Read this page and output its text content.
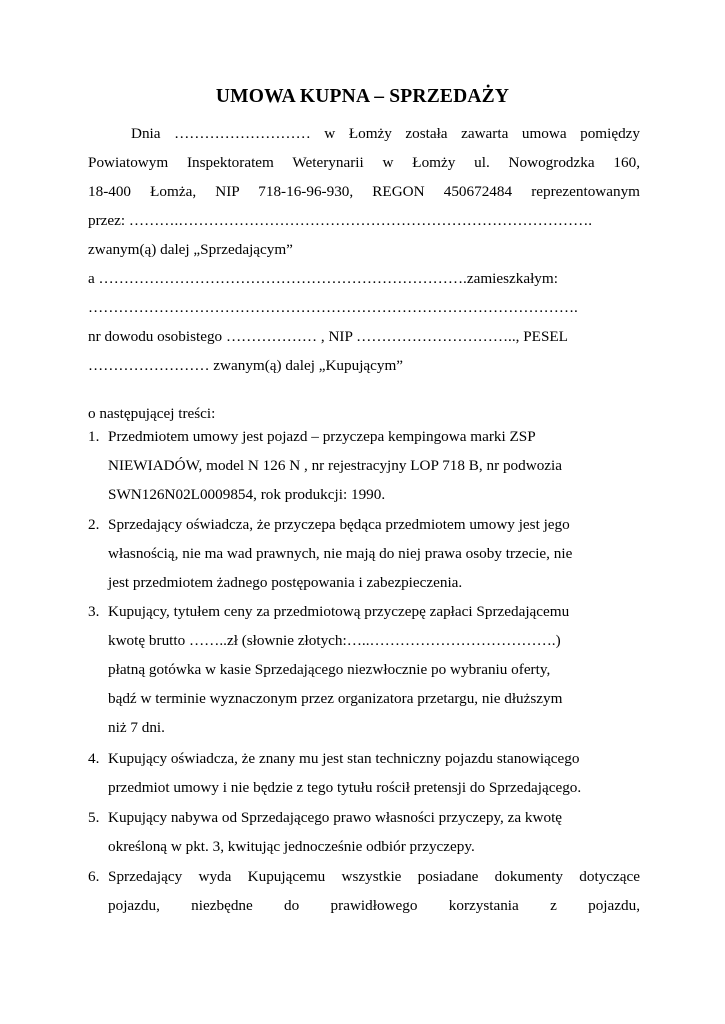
UMOWA KUPNA – SPRZEDAŻY
Dnia ……………………… w Łomży została zawarta umowa pomiędzy
Powiatowym Inspektoratem Weterynarii w Łomży ul. Nowogrodzka 160,
18-400 Łomża, NIP 718-16-96-930, REGON 450672484 reprezentowanym
przez: ……….……………………………………………………………………….
zwanym(ą) dalej „Sprzedającym”
a ……………………………………………………………….zamieszkałym:
…………………………………………………………………………………….
nr dowodu osobistego ……………… , NIP ………………………….., PESEL
…………………… zwanym(ą) dalej „Kupującym”
o następującej treści:
1. Przedmiotem umowy jest pojazd – przyczepa kempingowa marki ZSP
NIEWIADÓW, model N 126 N , nr rejestracyjny LOP 718 B, nr podwozia
SWN126N02L0009854, rok produkcji: 1990.
2. Sprzedający oświadcza, że przyczepa będąca przedmiotem umowy jest jego
własnością, nie ma wad prawnych, nie mają do niej prawa osoby trzecie, nie
jest przedmiotem żadnego postępowania i zabezpieczenia.
3. Kupujący, tytułem ceny za przedmiotową przyczepę zapłaci Sprzedającemu
kwotę brutto ……..zł (słownie złotych:…..……………………………….)
płatną gotówka w kasie Sprzedającego niezwłocznie po wybraniu oferty,
bądź w terminie wyznaczonym przez organizatora przetargu, nie dłuższym
niż 7 dni.
4. Kupujący oświadcza, że znany mu jest stan techniczny pojazdu stanowiącego
przedmiot umowy i nie będzie z tego tytułu rościł pretensji do Sprzedającego.
5. Kupujący nabywa od Sprzedającego prawo własności przyczepy, za kwotę
określoną w pkt. 3, kwitując jednocześnie odbiór przyczepy.
6. Sprzedający wyda Kupującemu wszystkie posiadane dokumenty dotyczące
pojazdu, niezbędne do prawidłowego korzystania z pojazdu,
